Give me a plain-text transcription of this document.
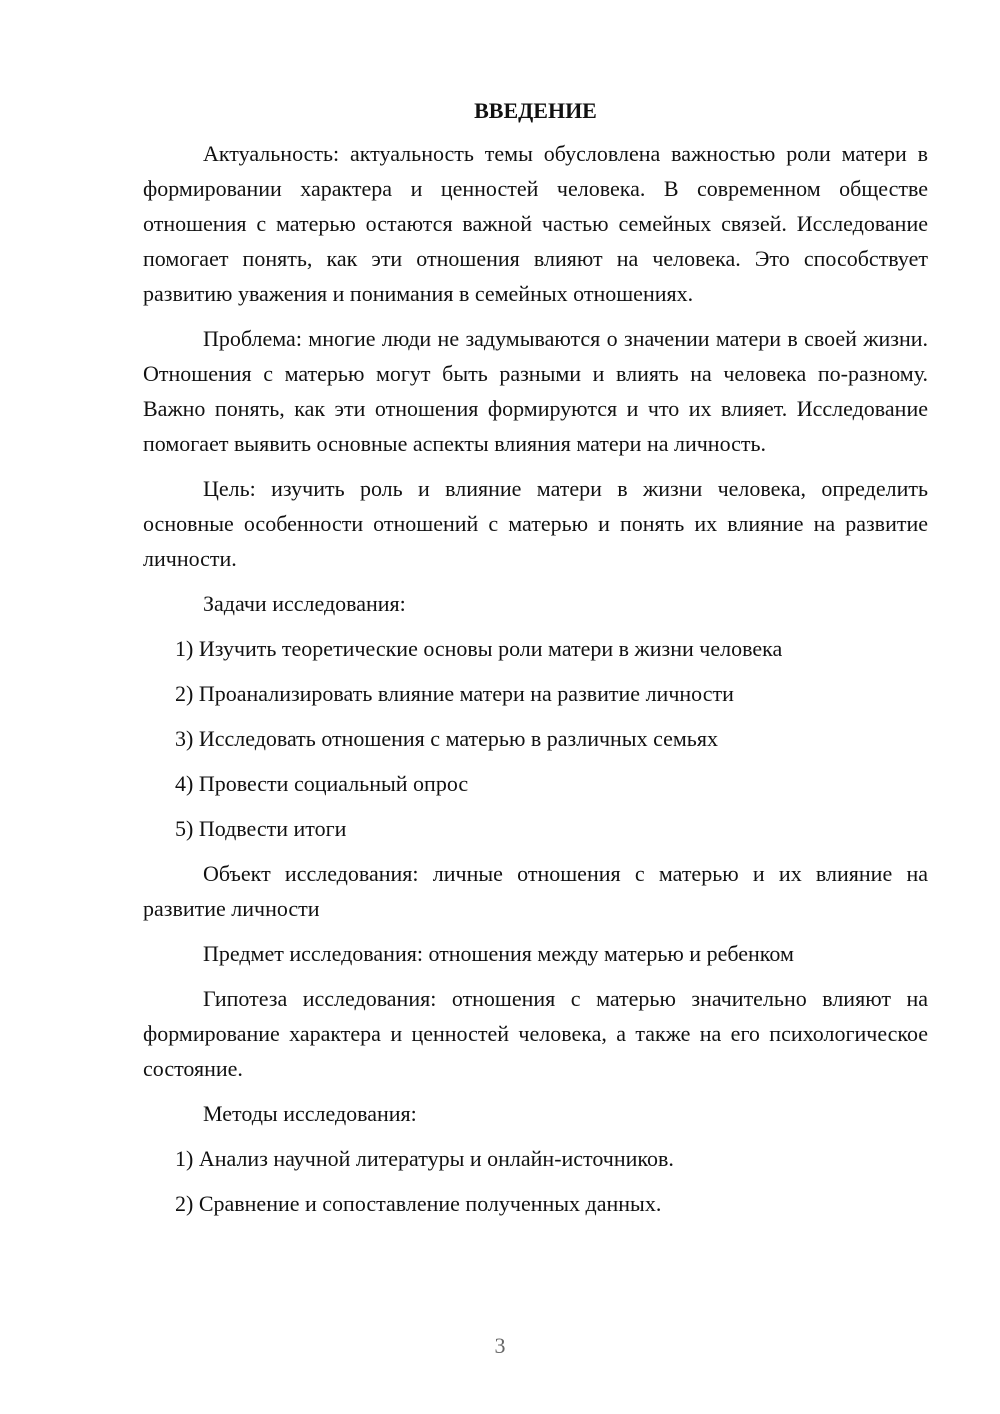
ВВЕДЕНИЕ

Актуальность: актуальность темы обусловлена важностью роли матери в формировании характера и ценностей человека. В современном обществе отношения с матерью остаются важной частью семейных связей. Исследование помогает понять, как эти отношения влияют на человека. Это способствует развитию уважения и понимания в семейных отношениях.

Проблема: многие люди не задумываются о значении матери в своей жизни. Отношения с матерью могут быть разными и влиять на человека по-разному. Важно понять, как эти отношения формируются и что их влияет. Исследование помогает выявить основные аспекты влияния матери на личность.

Цель: изучить роль и влияние матери в жизни человека, определить основные особенности отношений с матерью и понять их влияние на развитие личности.

Задачи исследования:

1) Изучить теоретические основы роли матери в жизни человека
2) Проанализировать влияние матери на развитие личности
3) Исследовать отношения с матерью в различных семьях
4) Провести социальный опрос
5) Подвести итоги

Объект исследования: личные отношения с матерью и их влияние на развитие личности

Предмет исследования: отношения между матерью и ребенком

Гипотеза исследования: отношения с матерью значительно влияют на формирование характера и ценностей человека, а также на его психологическое состояние.

Методы исследования:

1) Анализ научной литературы и онлайн-источников.
2) Сравнение и сопоставление полученных данных.
3
